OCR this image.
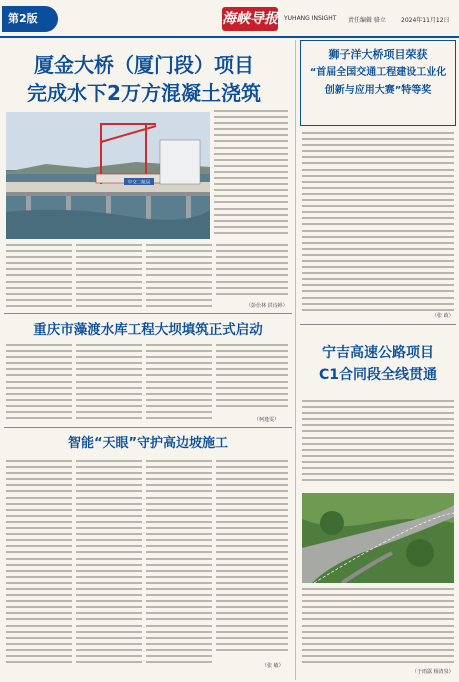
第2版	海峡导报 YUHANG INSIGHT 责任编辑 骆立	2024年11月12日
厦金大桥（厦门段）项目
完成水下2万方混凝土浇筑
中交二航局
（彭仕林 洪诗婷）
重庆市藻渡水库工程大坝填筑正式启动
（柯逸雯）
智能“天眼”守护高边坡施工
（张 敏）
狮子洋大桥项目荣获
“首届全国交通工程建设工业化
创新与应用大赛”特等奖
（张 政）
宁吉高速公路项目
C1合同段全线贯通
（于雨露 杨清泉）
